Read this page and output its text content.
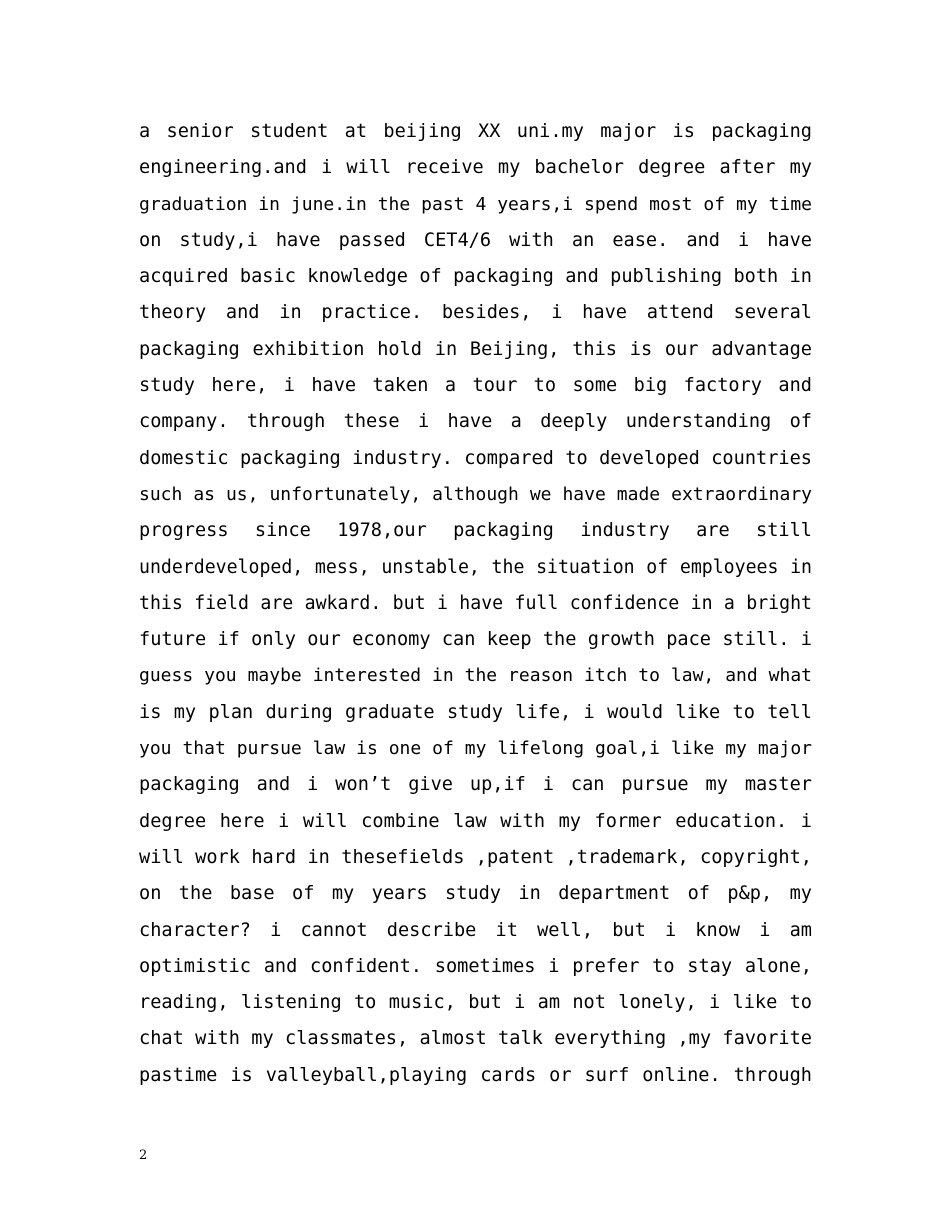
a senior student at beijing XX uni.my major is packaging
engineering.and i will receive my bachelor degree after my
graduation in june.in the past 4 years,i spend most of my time
on study,i have passed CET4/6 with an ease. and i have
acquired basic knowledge of packaging and publishing both in
theory and in practice. besides, i have attend several
packaging exhibition hold in Beijing, this is our advantage
study here, i have taken a tour to some big factory and
company. through these i have a deeply understanding of
domestic packaging industry. compared to developed countries
such as us, unfortunately, although we have made extraordinary
progress since 1978,our packaging industry are still
underdeveloped, mess, unstable, the situation of employees in
this field are awkard. but i have full confidence in a bright
future if only our economy can keep the growth pace still. i
guess you maybe interested in the reason itch to law, and what
is my plan during graduate study life, i would like to tell
you that pursue law is one of my lifelong goal,i like my major
packaging and i won’t give up,if i can pursue my master
degree here i will combine law with my former education. i
will work hard in thesefields ,patent ,trademark, copyright,
on the base of my years study in department of p&p, my
character? i cannot describe it well, but i know i am
optimistic and confident. sometimes i prefer to stay alone,
reading, listening to music, but i am not lonely, i like to
chat with my classmates, almost talk everything ,my favorite
pastime is valleyball,playing cards or surf online. through
2
